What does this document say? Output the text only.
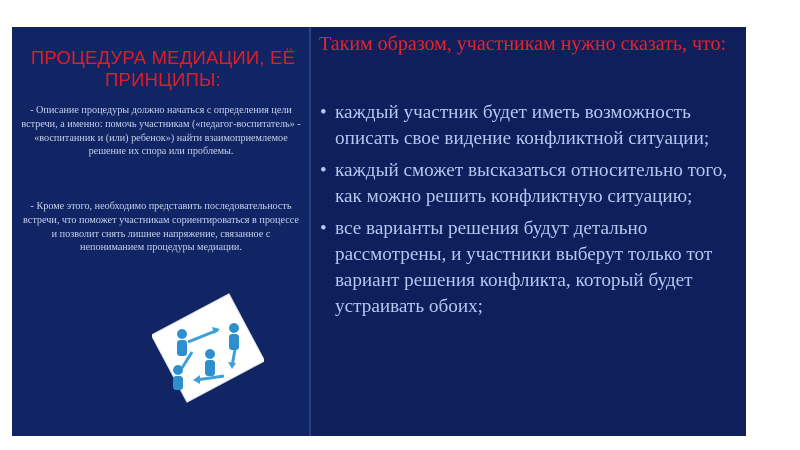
ПРОЦЕДУРА МЕДИАЦИИ, ЕЁ ПРИНЦИПЫ:
- Описание процедуры должно начаться с определения цели встречи, а именно: помочь участникам («педагог-воспитатель» - «воспитанник и (или) ребенок») найти взаимоприемлемое решение их спора или проблемы.
- Кроме этого, необходимо представить последовательность встречи, что поможет участникам сориентироваться в процессе и позволит снять лишнее напряжение, связанное с непониманием процедуры медиации.
Таким образом, участникам нужно сказать, что:
• каждый участник будет иметь возможность описать свое видение конфликтной ситуации;
• каждый сможет высказаться относительно того, как можно решить конфликтную ситуацию;
• все варианты решения будут детально рассмотрены, и участники выберут только тот вариант решения конфликта, который будет устраивать обоих;
